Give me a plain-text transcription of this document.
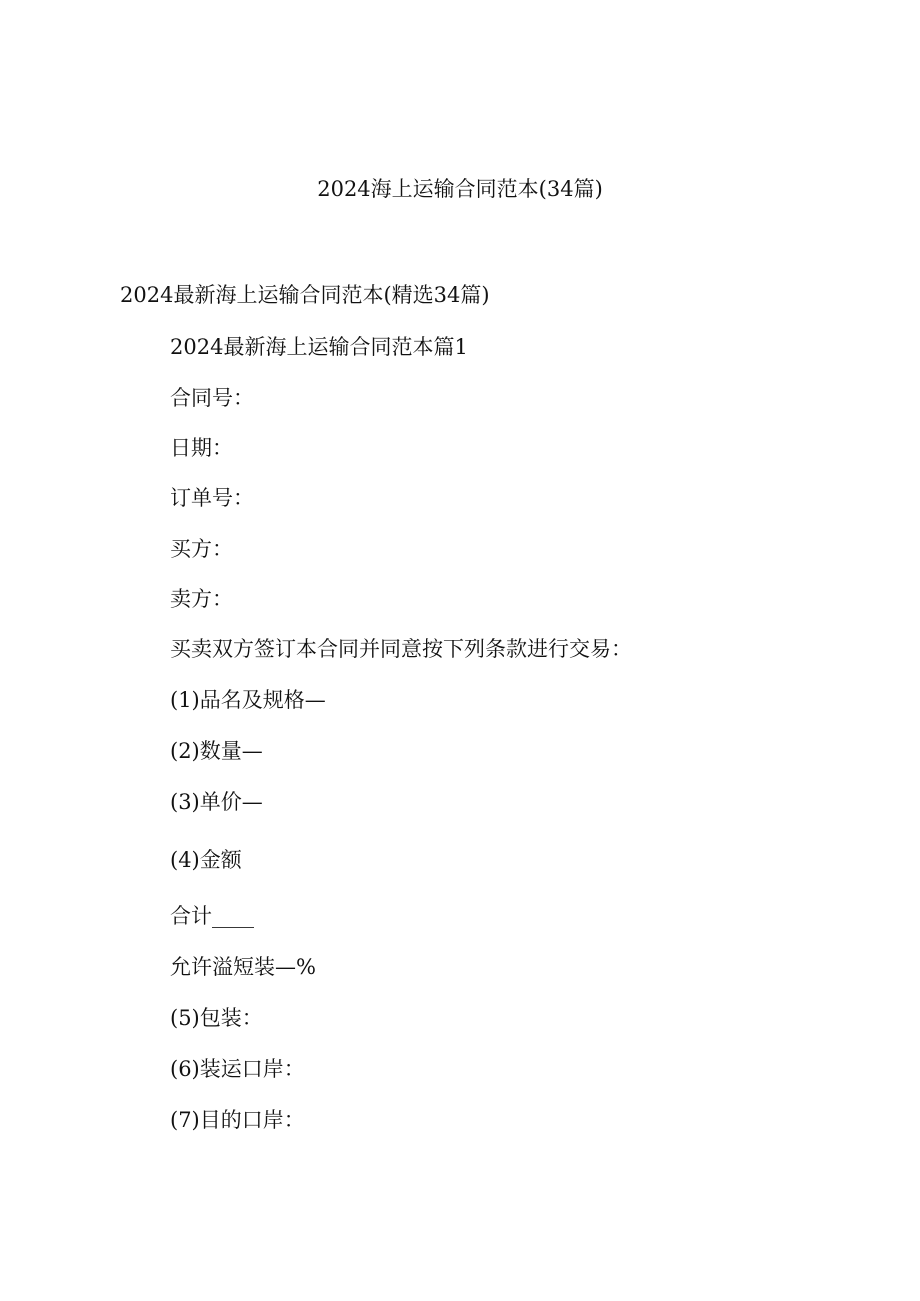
2024海上运输合同范本(34篇)
2024最新海上运输合同范本(精选34篇)
2024最新海上运输合同范本篇1
合同号：
日期：
订单号：
买方：
卖方：
买卖双方签订本合同并同意按下列条款进行交易：
(1)品名及规格—
(2)数量—
(3)单价—
(4)金额
合计____
允许溢短装—%
(5)包装：
(6)装运口岸：
(7)目的口岸：
